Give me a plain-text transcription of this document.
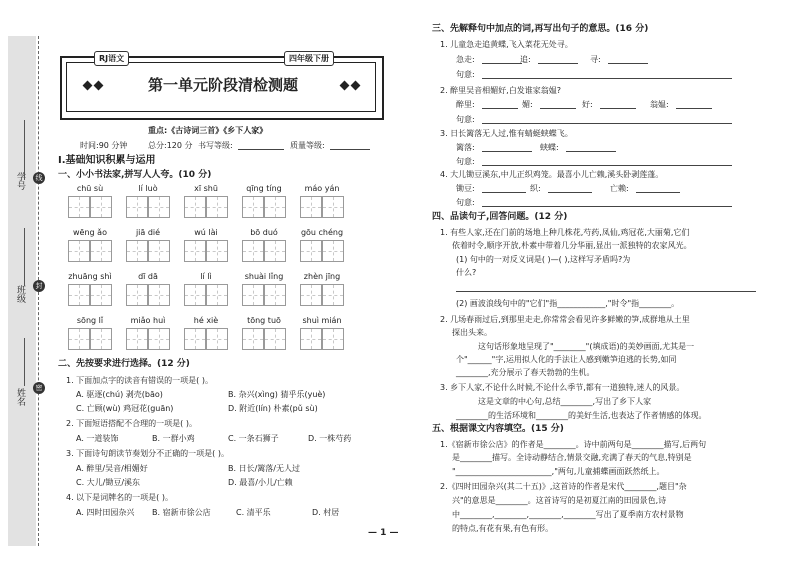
学号
班级
姓名
线
封
密
RJ语文	四年级下册
第一单元阶段清检测题
重点:《古诗词三首》《乡下人家》
时间:90 分钟	总分:120 分 书写等级:	质量等级:
Ⅰ.基础知识积累与运用
一、小小书法家,拼写人人夸。(10 分)
二、先按要求进行选择。(12 分)
1. 下面加点字的读音有错误的一项是( )。
A. 驱逐(chú) 剥壳(bāo)	B. 杂兴(xìng) 猜乎乐(yuè)
C. 亡顾(wù) 鸡冠花(guān)	D. 附近(lín) 朴素(pǔ sù)
2. 下面短语搭配不合理的一项是( )。
A. 一道装饰	B. 一群小鸡	C. 一条石狮子	D. 一株芍药
3. 下面诗句朗读节奏划分不正确的一项是( )。
A. 醉里/吴音/相媚好	B. 日长/篱落/无人过
C. 大儿/锄豆/溪东	D. 最喜/小儿/亡赖
4. 以下是词牌名的一项是( )。
A. 四时田园杂兴 B. 宿新市徐公店	C. 清平乐	D. 村居
— 1 —
三、先解释句中加点的词,再写出句子的意思。(16 分)
1. 儿童急走追黄蝶,飞入菜花无处寻。
句意:
2. 醉里吴音相媚好,白发谁家翁媪?
句意:
3. 日长篱落无人过,惟有蜻蜓蛱蝶飞。
句意:
4. 大儿锄豆溪东,中儿正织鸡笼。最喜小儿亡赖,溪头卧剥莲蓬。
句意:
四、品读句子,回答问题。(12 分)
1. 有些人家,还在门前的场地上种几株花,芍药,凤仙,鸡冠花,大丽菊,它们
依着时令,顺序开放,朴素中带着几分华丽,显出一派独特的农家风光。
(1) 句中的一对反义词是( )—( ),这样写矛盾吗?为
什么?
(2) 画波浪线句中的"它们"指____________,"时令"指________。
2. 几场春雨过后,到那里走走,你常常会看见许多鲜嫩的笋,成群地从土里
探出头来。
这句话形象地呈现了"________"(填成语)的美妙画面,尤其是一
个"______"字,运用拟人化的手法让人感到嫩笋迫逃的长势,如同
________,充分展示了春天勃勃的生机。
3. 乡下人家,不论什么时候,不论什么季节,都有一道独特,迷人的风景。
这是文章的中心句,总结________,写出了乡下人家
________的生活环境和________的美好生活,也表达了作者情感的体现。
五、根据课文内容填空。(15 分)
1.《宿新市徐公店》的作者是________。诗中前两句是________描写,后两句
是________描写。全诗动静结合,情景交融,充满了春天的气息,特别是
"________________________,"两句,儿童捕蝶画面跃然纸上。
2.《四时田园杂兴(其二十五)》,这首诗的作者是宋代________,题目"杂
兴"的意思是________。这首诗写的是初夏江南的田园景色,诗
中________,________,________,________写出了夏季南方农村景物
的特点,有花有果,有色有形。
chū sù	lí luò	xī shū	qīng tíng	máo yán
wēng ǎo	jiā dié	wú lài	bō duó	gōu chéng
zhuāng shì	dī dā	lí lì	shuài lǐng	zhèn jīng
sōng lǐ	miǎo huì	hé xiè	tōng tuō	shuì mián
急走:	追:	寻:
醉里:	媚:	好:	翁媪:
篱落:	蛱蝶:
锄豆:	织:	亡赖:
